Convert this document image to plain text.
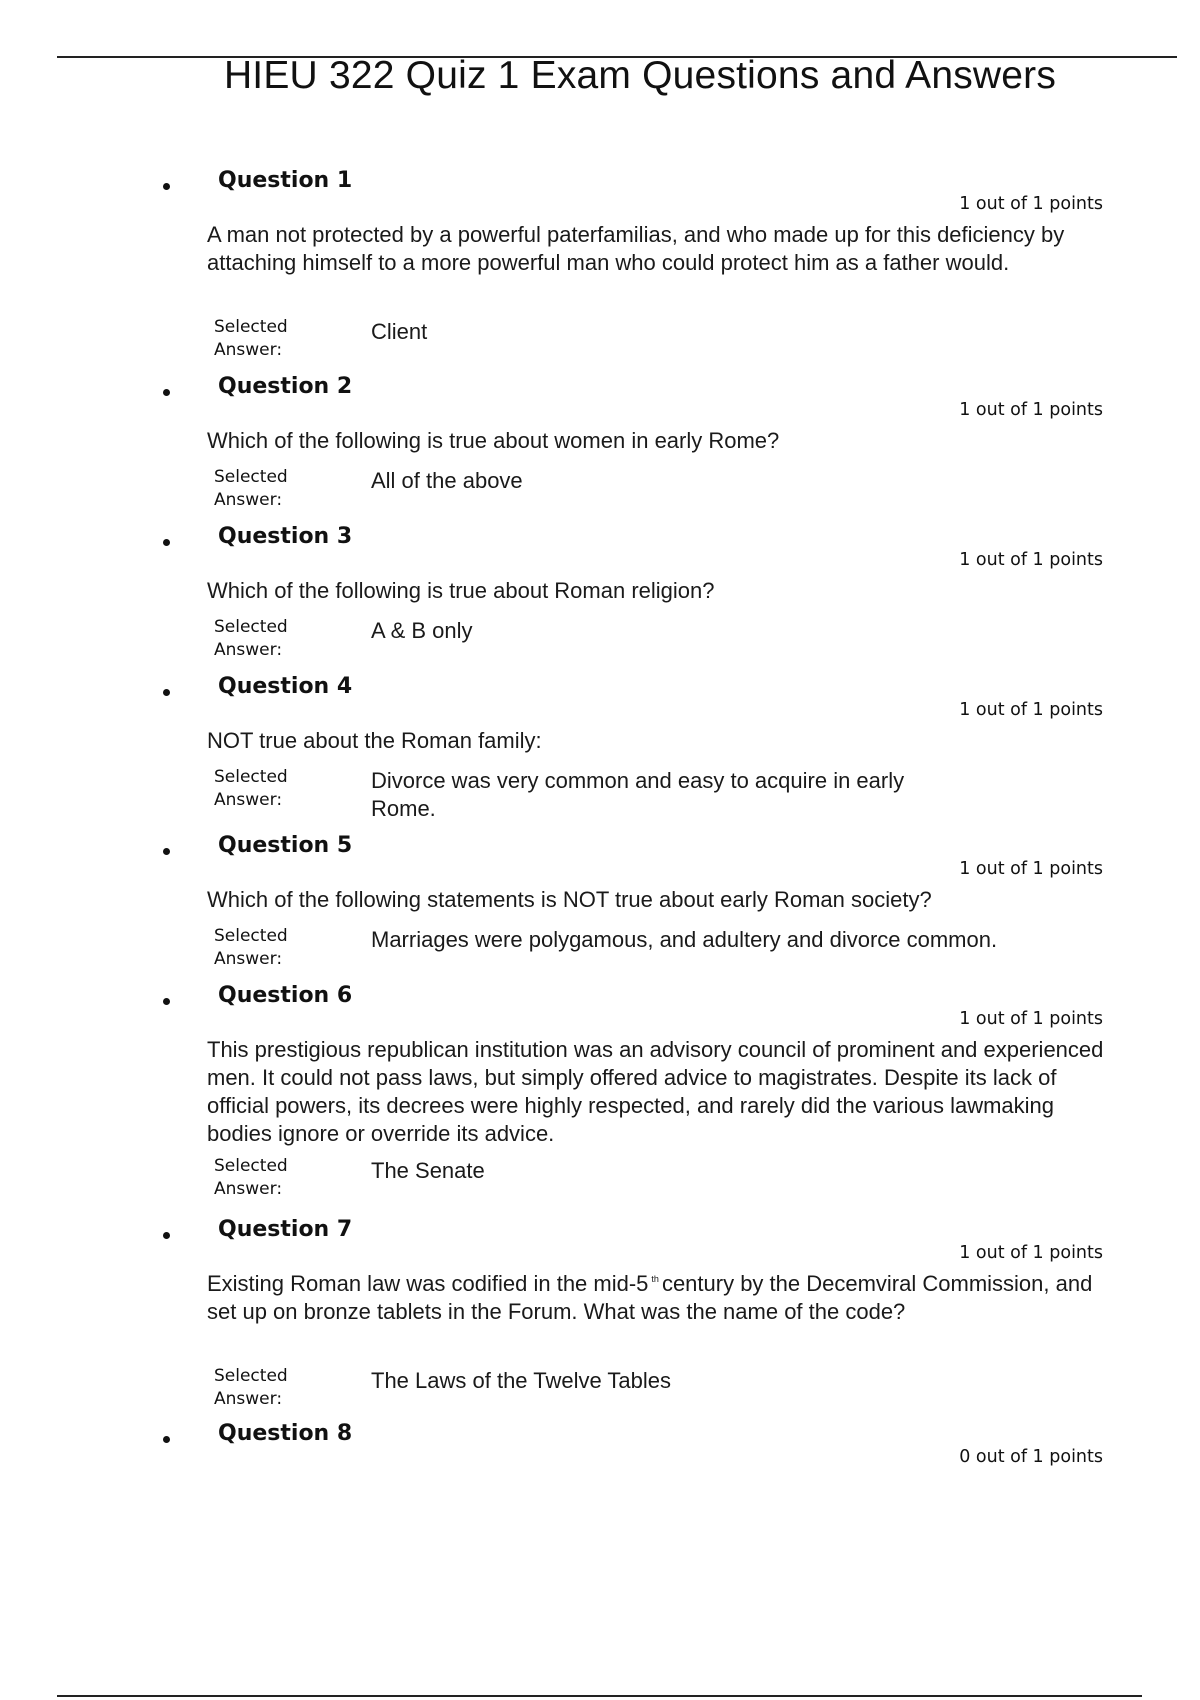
HIEU 322 Quiz 1 Exam Questions and Answers
Question 1
1 out of 1 points
A man not protected by a powerful paterfamilias, and who made up for this deficiency by attaching himself to a more powerful man who could protect him as a father would.
Selected
Answer:
Client
Question 2
1 out of 1 points
Which of the following is true about women in early Rome?
Selected
Answer:
All of the above
Question 3
1 out of 1 points
Which of the following is true about Roman religion?
Selected
Answer:
A & B only
Question 4
1 out of 1 points
NOT true about the Roman family:
Selected
Answer:
Divorce was very common and easy to acquire in early Rome.
Question 5
1 out of 1 points
Which of the following statements is NOT true about early Roman society?
Selected
Answer:
Marriages were polygamous, and adultery and divorce common.
Question 6
1 out of 1 points
This prestigious republican institution was an advisory council of prominent and experienced men. It could not pass laws, but simply offered advice to magistrates. Despite its lack of official powers, its decrees were highly respected, and rarely did the various lawmaking bodies ignore or override its advice.
Selected
Answer:
The Senate
Question 7
1 out of 1 points
Existing Roman law was codified in the mid-5 $^{th}$ century by the Decemviral Commission, and set up on bronze tablets in the Forum. What was the name of the code?
Selected
Answer:
The Laws of the Twelve Tables
Question 8
0 out of 1 points
